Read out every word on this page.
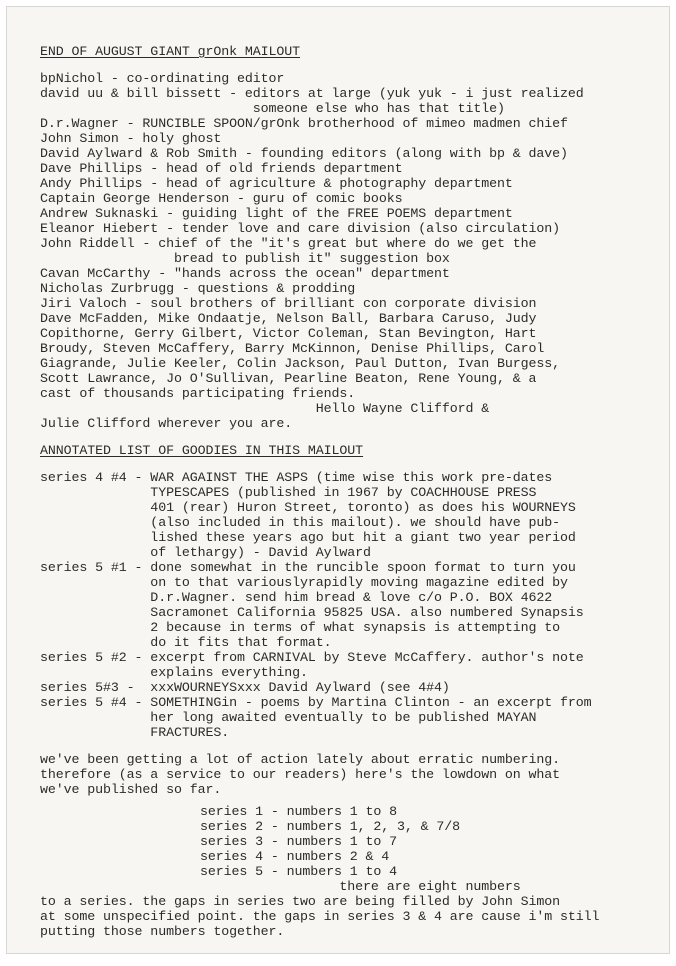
END OF AUGUST GIANT grOnk MAILOUT
bpNichol - co-ordinating editor
david uu & bill bissett - editors at large (yuk yuk - i just realized
someone else who has that title)
D.r.Wagner - RUNCIBLE SPOON/grOnk brotherhood of mimeo madmen chief
John Simon - holy ghost
David Aylward & Rob Smith - founding editors (along with bp & dave)
Dave Phillips - head of old friends department
Andy Phillips - head of agriculture & photography department
Captain George Henderson - guru of comic books
Andrew Suknaski - guiding light of the FREE POEMS department
Eleanor Hiebert - tender love and care division (also circulation)
John Riddell - chief of the "it's great but where do we get the
bread to publish it" suggestion box
Cavan McCarthy - "hands across the ocean" department
Nicholas Zurbrugg - questions & prodding
Jiri Valoch - soul brothers of brilliant con corporate division
Dave McFadden, Mike Ondaatje, Nelson Ball, Barbara Caruso, Judy
Copithorne, Gerry Gilbert, Victor Coleman, Stan Bevington, Hart
Broudy, Steven McCaffery, Barry McKinnon, Denise Phillips, Carol
Giagrande, Julie Keeler, Colin Jackson, Paul Dutton, Ivan Burgess,
Scott Lawrance, Jo O'Sullivan, Pearline Beaton, Rene Young, & a
cast of thousands participating friends.
Hello Wayne Clifford &
Julie Clifford wherever you are.
ANNOTATED LIST OF GOODIES IN THIS MAILOUT
series 4 #4 - WAR AGAINST THE ASPS (time wise this work pre-dates
TYPESCAPES (published in 1967 by COACHHOUSE PRESS
401 (rear) Huron Street, toronto) as does his WOURNEYS
(also included in this mailout). we should have pub-
lished these years ago but hit a giant two year period
of lethargy) - David Aylward
series 5 #1 - done somewhat in the runcible spoon format to turn you
on to that variouslyrapidly moving magazine edited by
D.r.Wagner. send him bread & love c/o P.O. BOX 4622
Sacramonet California 95825 USA. also numbered Synapsis
2 because in terms of what synapsis is attempting to
do it fits that format.
series 5 #2 - excerpt from CARNIVAL by Steve McCaffery. author's note
explains everything.
series 5#3 -  xxxWOURNEYSxxx David Aylward (see 4#4)
series 5 #4 - SOMETHINGin - poems by Martina Clinton - an excerpt from
her long awaited eventually to be published MAYAN
FRACTURES.
we've been getting a lot of action lately about erratic numbering.
therefore (as a service to our readers) here's the lowdown on what
we've published so far.
series 1 - numbers 1 to 8
series 2 - numbers 1, 2, 3, & 7/8
series 3 - numbers 1 to 7
series 4 - numbers 2 & 4
series 5 - numbers 1 to 4
there are eight numbers
to a series. the gaps in series two are being filled by John Simon
at some unspecified point. the gaps in series 3 & 4 are cause i'm still
putting those numbers together.
